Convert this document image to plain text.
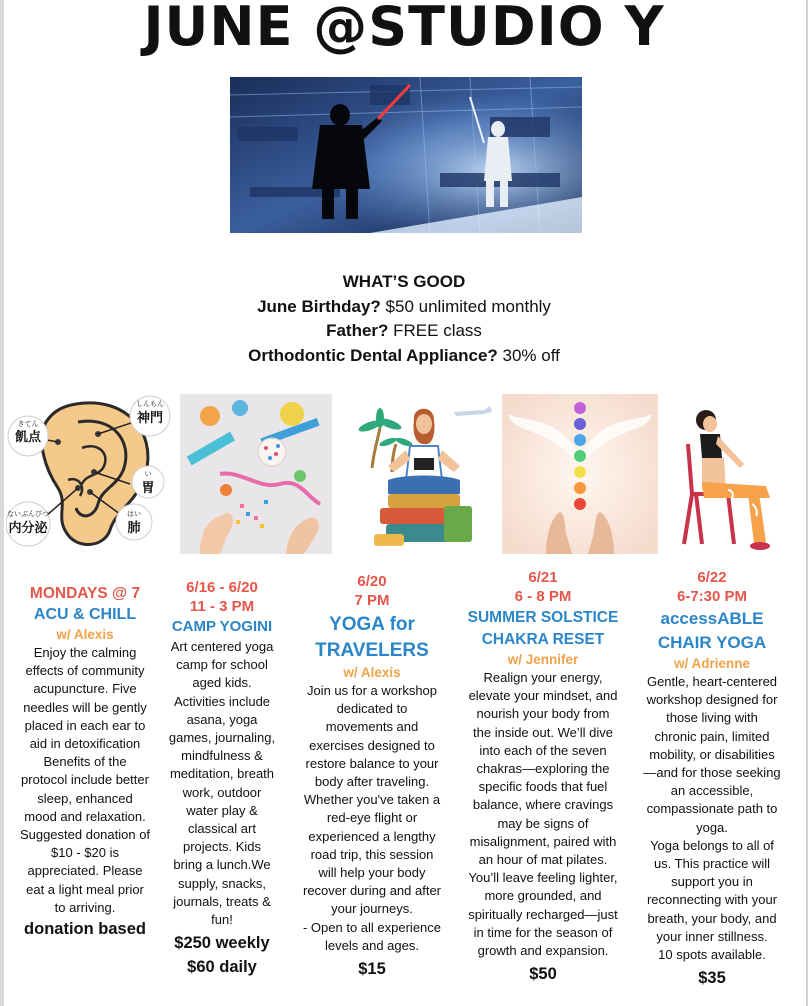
JUNE @STUDIO Y
WHAT’S GOOD
June Birthday? $50 unlimited monthly
Father? FREE class
Orthodontic Dental Appliance? 30% off
きてん
飢点
しんもん
神門
い
胃
ないぶんぴつ
内分泌
はい
肺
MONDAYS @ 7
ACU & CHILL
w/ Alexis
Enjoy the calming
effects of community
acupuncture. Five
needles will be gently
placed in each ear to
aid in detoxification
Benefits of the
protocol include better
sleep, enhanced
mood and relaxation.
Suggested donation of
$10 - $20 is
appreciated. Please
eat a light meal prior
to arriving.
donation based
6/16 - 6/20
11 - 3 PM
CAMP YOGINI
Art centered yoga
camp for school
aged kids.
Activities include
asana, yoga
games, journaling,
mindfulness &
meditation, breath
work, outdoor
water play &
classical art
projects. Kids
bring a lunch.We
supply, snacks,
journals, treats &
fun!
$250 weekly
$60 daily
6/20
7 PM
YOGA for
TRAVELERS
w/ Alexis
Join us for a workshop
dedicated to
movements and
exercises designed to
restore balance to your
body after traveling.
Whether you've taken a
red-eye flight or
experienced a lengthy
road trip, this session
will help your body
recover during and after
your journeys.
- Open to all experience
levels and ages.
$15
6/21
6 - 8 PM
SUMMER SOLSTICE
CHAKRA RESET
w/ Jennifer
Realign your energy,
elevate your mindset, and
nourish your body from
the inside out. We’ll dive
into each of the seven
chakras—exploring the
specific foods that fuel
balance, where cravings
may be signs of
misalignment, paired with
an hour of mat pilates.
You’ll leave feeling lighter,
more grounded, and
spiritually recharged—just
in time for the season of
growth and expansion.
$50
6/22
6-7:30 PM
accessABLE
CHAIR YOGA
w/ Adrienne
Gentle, heart-centered
workshop designed for
those living with
chronic pain, limited
mobility, or disabilities
—and for those seeking
an accessible,
compassionate path to
yoga.
Yoga belongs to all of
us. This practice will
support you in
reconnecting with your
breath, your body, and
your inner stillness.
10 spots available.
$35
